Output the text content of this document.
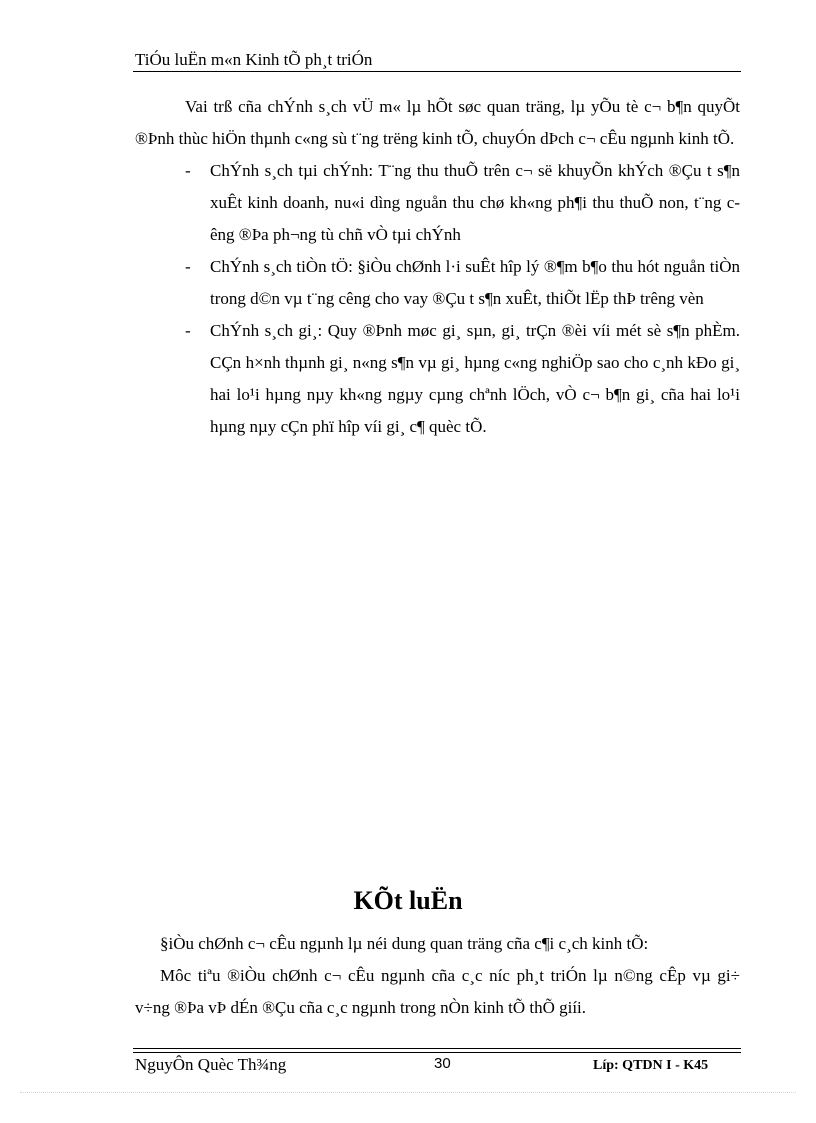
TiÓu luËn m«n Kinh tÕ ph¸t triÓn

Vai trß cña chÝnh s¸ch vÜ m« lµ hÕt søc quan träng, lµ yÕu tè c¬ b¶n quyÕt ®Þnh thùc hiÖn thµnh c«ng sù t¨ng trëng kinh tÕ, chuyÓn dÞch c¬ cÊu ngµnh kinh tÕ.

- ChÝnh s¸ch tµi chÝnh: T¨ng thu thuÕ trên c¬ së khuyÕn khÝch ®Çu t s¶n xuÊt kinh doanh, nu«i dìng nguån thu chø kh«ng ph¶i thu thuÕ non, t¨ng cêng ®Þa ph¬ng tù chñ vÒ tµi chÝnh
- ChÝnh s¸ch tiÒn tÖ: §iÒu chØnh l·i suÊt hîp lý ®¶m b¶o thu hót nguån tiÒn trong d©n vµ t¨ng cêng cho vay ®Çu t s¶n xuÊt, thiÕt lËp thÞ trêng vèn
- ChÝnh s¸ch gi¸: Quy ®Þnh møc gi¸ sµn, gi¸ trÇn ®èi víi mét sè s¶n phÈm. CÇn h×nh thµnh gi¸ n«ng s¶n vµ gi¸ hµng c«ng nghiÖp sao cho c¸nh kÐo gi¸ hai lo¹i hµng nµy kh«ng ngµy cµng chªnh lÖch, vÒ c¬ b¶n gi¸ cña hai lo¹i hµng nµy cÇn phï hîp víi gi¸ c¶ quèc tÕ.
KÕt luËn

§iÒu chØnh c¬ cÊu ngµnh lµ néi dung quan träng cña c¶i c¸ch kinh tÕ:

Môc tiªu ®iÒu chØnh c¬ cÊu ngµnh cña c¸c níc ph¸t triÓn lµ n©ng cÊp vµ gi÷ v÷ng ®Þa vÞ dÉn ®Çu cña c¸c ngµnh trong nÒn kinh tÕ thÕ giíi.

NguyÔn Quèc Th¾ng	30	Líp: QTDN I - K45
